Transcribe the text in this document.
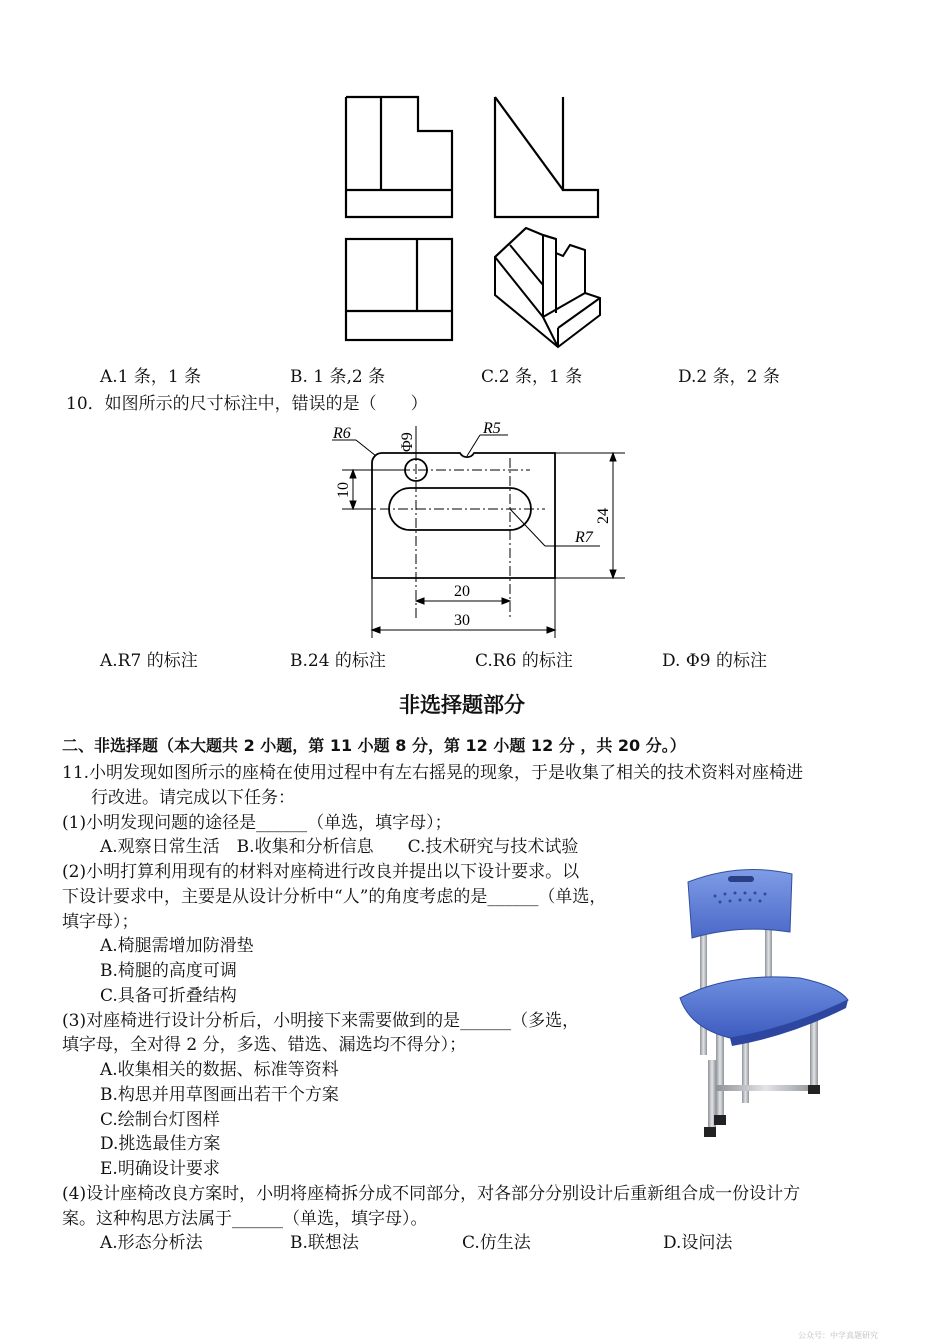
A.1 条，1 条	B. 1 条,2 条	C.2 条，1 条	D.2 条，2 条
10．如图所示的尺寸标注中，错误的是（　　）
R6	Φ9
R5
10
24
R7
20
30
A.R7 的标注	B.24 的标注	C.R6 的标注	D. Φ9 的标注
非选择题部分
二、非选择题（本大题共 2 小题，第 11 小题 8 分，第 12 小题 12 分 ，共 20 分。）
11.小明发现如图所示的座椅在使用过程中有左右摇晃的现象，于是收集了相关的技术资料对座椅进
行改进。请完成以下任务：
(1)小明发现问题的途径是______（单选，填字母）；
A.观察日常生活　B.收集和分析信息　　C.技术研究与技术试验
(2)小明打算利用现有的材料对座椅进行改良并提出以下设计要求。以
下设计要求中，主要是从设计分析中“人”的角度考虑的是______（单选，
填字母）；
A.椅腿需增加防滑垫
B.椅腿的高度可调
C.具备可折叠结构
(3)对座椅进行设计分析后，小明接下来需要做到的是______（多选，
填字母，全对得 2 分，多选、错选、漏选均不得分）；
A.收集相关的数据、标准等资料
B.构思并用草图画出若干个方案
C.绘制台灯图样
D.挑选最佳方案
E.明确设计要求
(4)设计座椅改良方案时，小明将座椅拆分成不同部分，对各部分分别设计后重新组合成一份设计方
案。这种构思方法属于______（单选，填字母）。
A.形态分析法	B.联想法	C.仿生法	D.设问法
公众号：中学真题研究
